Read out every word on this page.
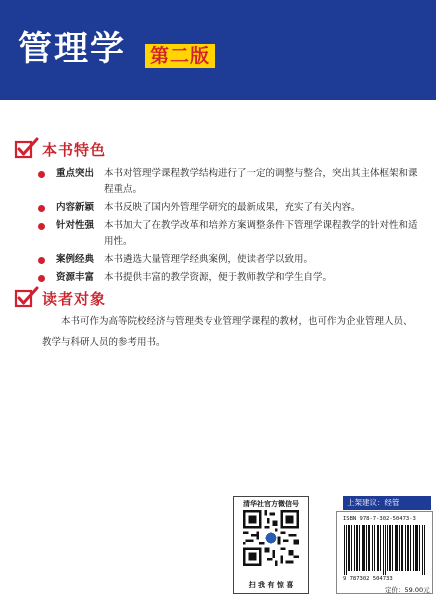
管理学 第二版
本书特色
重点突出	本书对管理学课程教学结构进行了一定的调整与整合，突出其主体框架和课程重点。
内容新颖	本书反映了国内外管理学研究的最新成果，充实了有关内容。
针对性强	本书加大了在教学改革和培养方案调整条件下管理学课程教学的针对性和适用性。
案例经典	本书遴选大量管理学经典案例，使读者学以致用。
资源丰富	本书提供丰富的教学资源，便于教师教学和学生自学。
读者对象
本书可作为高等院校经济与管理类专业管理学课程的教材，也可作为企业管理人员、教学与科研人员的参考用书。
清华社官方微信号
扫 我 有 惊 喜
上架建议：经管
ISBN 978-7-302-50473-3
9 787302 504733
定价：59.00元
